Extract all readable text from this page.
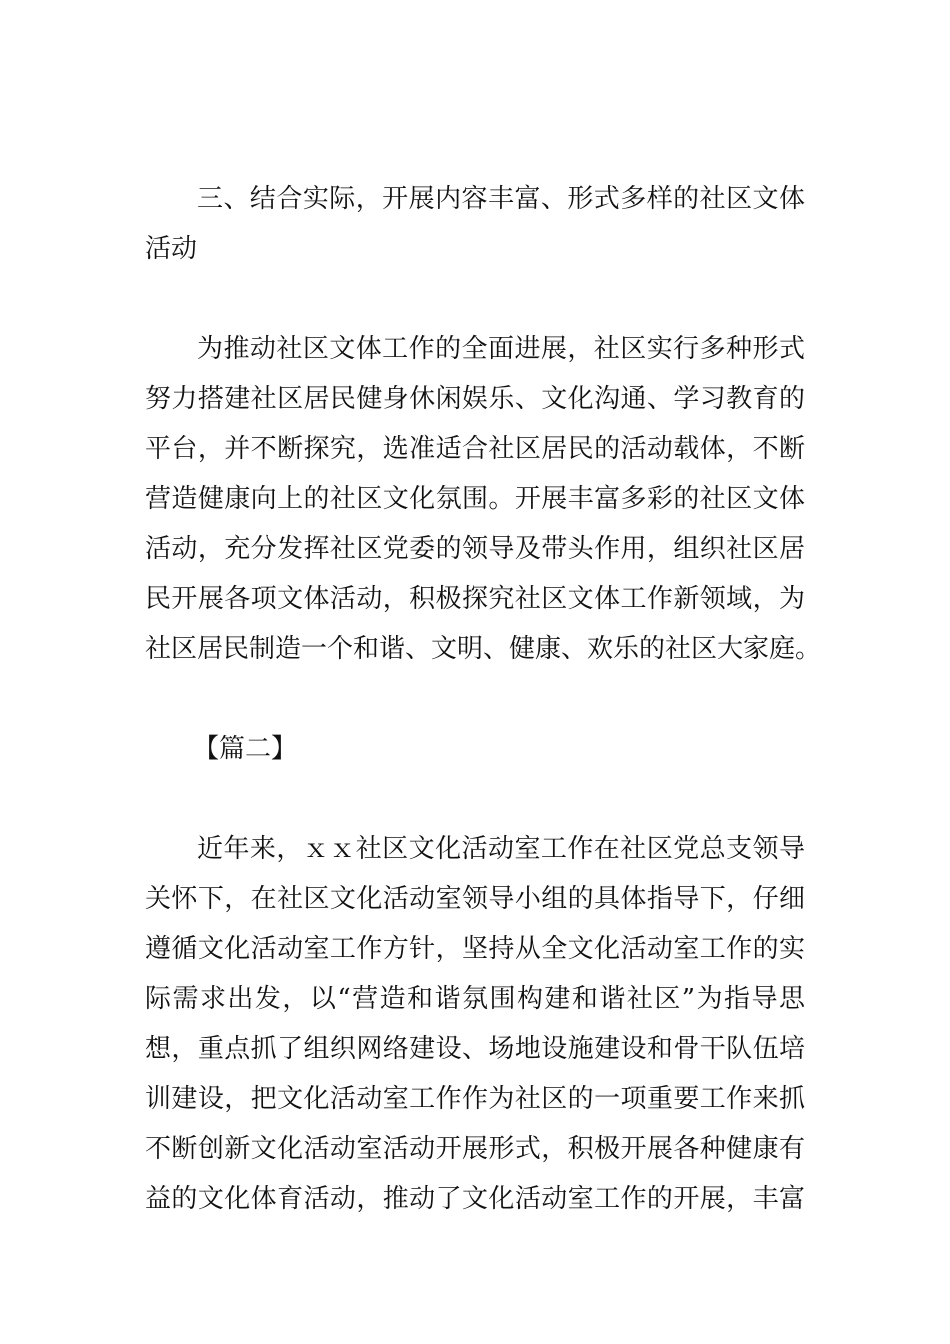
三、结合实际，开展内容丰富、形式多样的社区文体
活动
为推动社区文体工作的全面进展，社区实行多种形式
努力搭建社区居民健身休闲娱乐、文化沟通、学习教育的
平台，并不断探究，选准适合社区居民的活动载体，不断
营造健康向上的社区文化氛围。开展丰富多彩的社区文体
活动，充分发挥社区党委的领导及带头作用，组织社区居
民开展各项文体活动，积极探究社区文体工作新领域，为
社区居民制造一个和谐、文明、健康、欢乐的社区大家庭。
【篇二】
近年来，ｘｘ社区文化活动室工作在社区党总支领导
关怀下，在社区文化活动室领导小组的具体指导下，仔细
遵循文化活动室工作方针，坚持从全文化活动室工作的实
际需求出发，以“营造和谐氛围构建和谐社区”为指导思
想，重点抓了组织网络建设、场地设施建设和骨干队伍培
训建设，把文化活动室工作作为社区的一项重要工作来抓
不断创新文化活动室活动开展形式，积极开展各种健康有
益的文化体育活动，推动了文化活动室工作的开展，丰富
